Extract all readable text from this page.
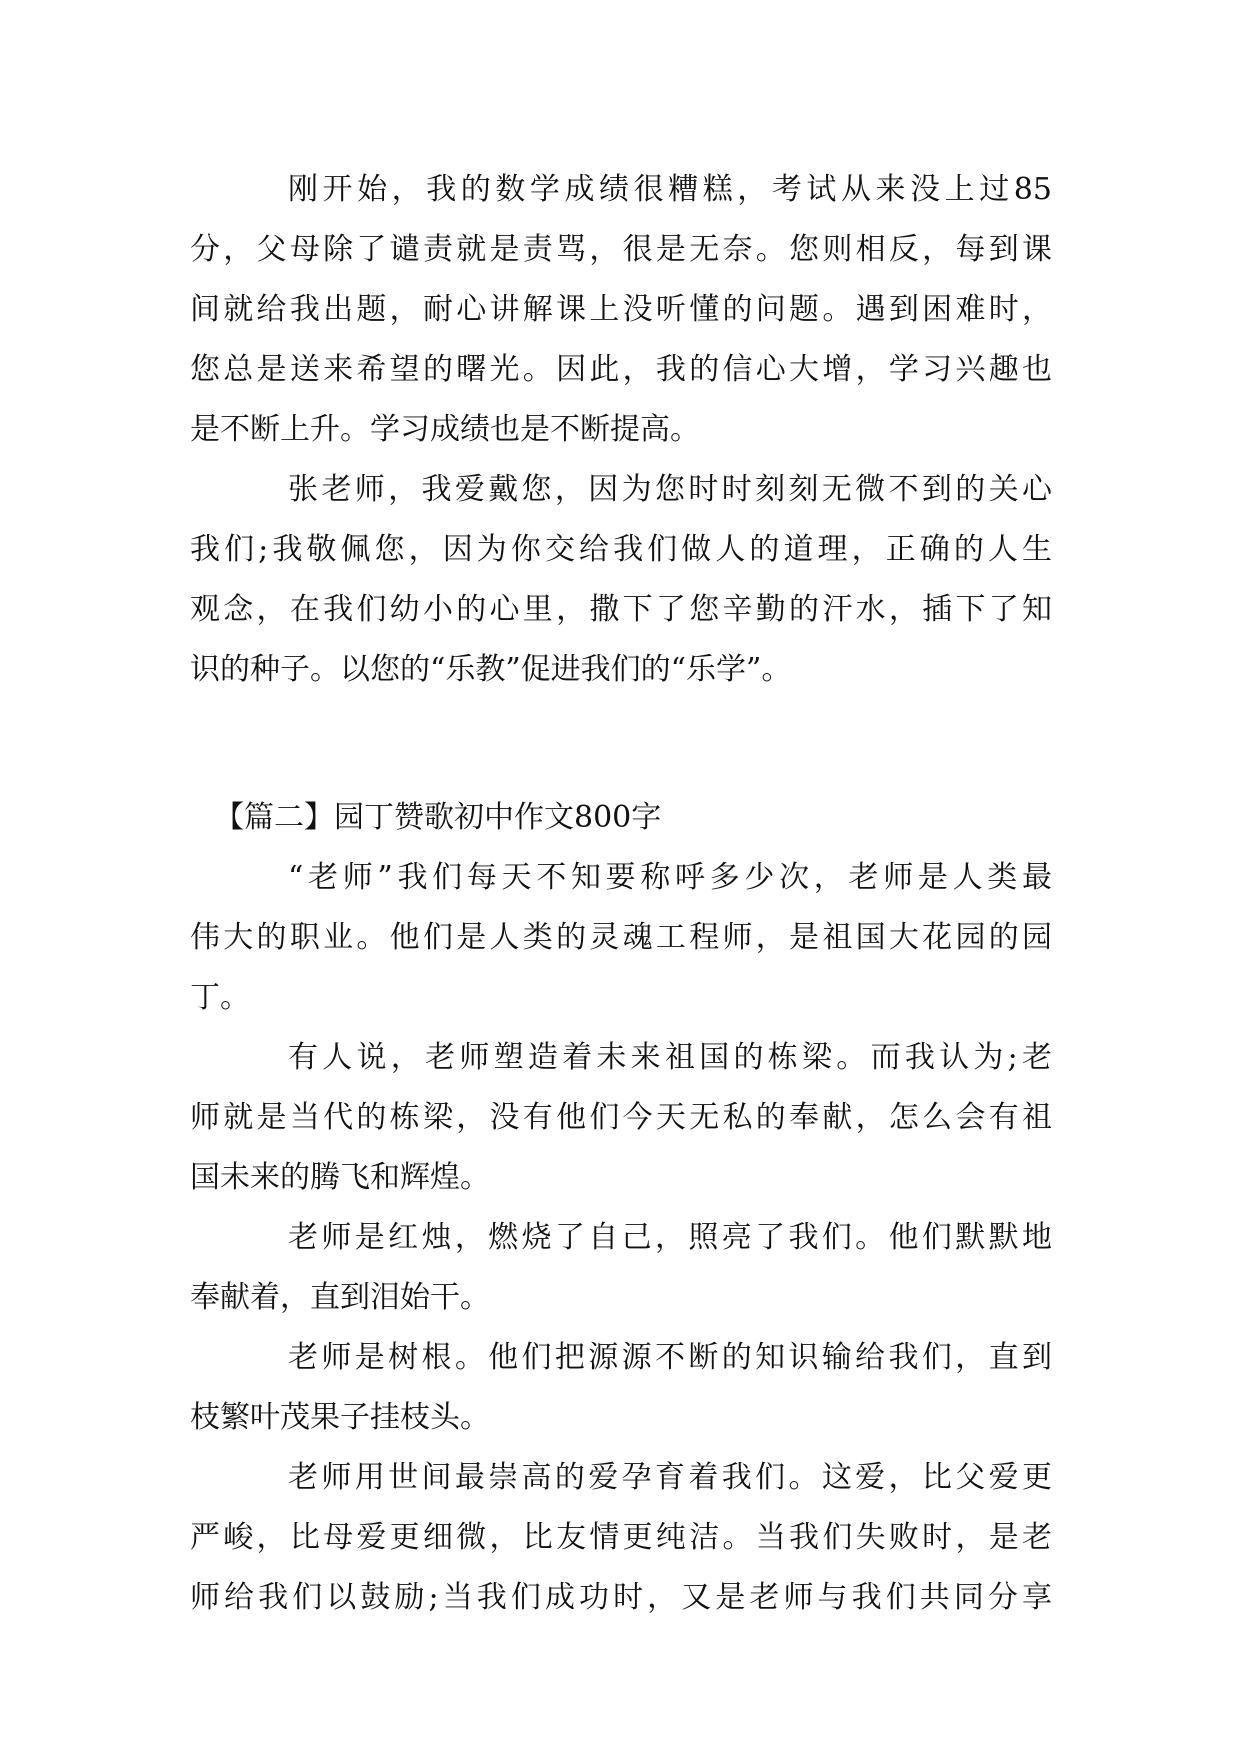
刚开始，我的数学成绩很糟糕，考试从来没上过85
分，父母除了谴责就是责骂，很是无奈。您则相反，每到课
间就给我出题，耐心讲解课上没听懂的问题。遇到困难时，
您总是送来希望的曙光。因此，我的信心大增，学习兴趣也
是不断上升。学习成绩也是不断提高。
张老师，我爱戴您，因为您时时刻刻无微不到的关心
我们;我敬佩您，因为你交给我们做人的道理，正确的人生
观念，在我们幼小的心里，撒下了您辛勤的汗水，插下了知
识的种子。以您的“乐教”促进我们的“乐学”。
【篇二】园丁赞歌初中作文800字
“老师”我们每天不知要称呼多少次，老师是人类最
伟大的职业。他们是人类的灵魂工程师，是祖国大花园的园
丁。
有人说，老师塑造着未来祖国的栋梁。而我认为;老
师就是当代的栋梁，没有他们今天无私的奉献，怎么会有祖
国未来的腾飞和辉煌。
老师是红烛，燃烧了自己，照亮了我们。他们默默地
奉献着，直到泪始干。
老师是树根。他们把源源不断的知识输给我们，直到
枝繁叶茂果子挂枝头。
老师用世间最崇高的爱孕育着我们。这爱，比父爱更
严峻，比母爱更细微，比友情更纯洁。当我们失败时，是老
师给我们以鼓励;当我们成功时，又是老师与我们共同分享
